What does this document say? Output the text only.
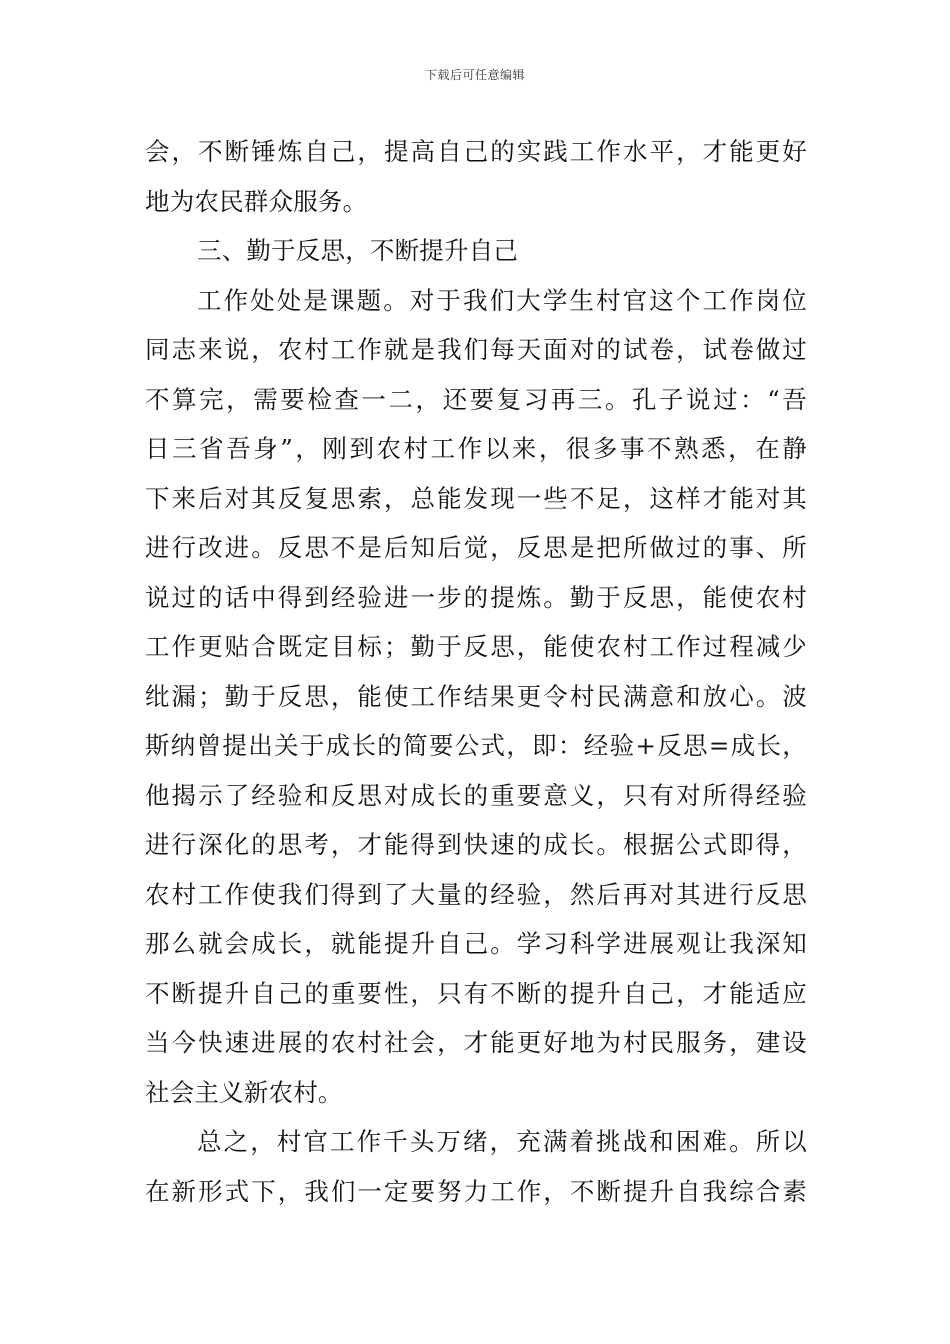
下载后可任意编辑
会，不断锤炼自己，提高自己的实践工作水平，才能更好
地为农民群众服务。
三、勤于反思，不断提升自己
工作处处是课题。对于我们大学生村官这个工作岗位
同志来说，农村工作就是我们每天面对的试卷，试卷做过
不算完，需要检查一二，还要复习再三。孔子说过：“吾
日三省吾身”，刚到农村工作以来，很多事不熟悉，在静
下来后对其反复思索，总能发现一些不足，这样才能对其
进行改进。反思不是后知后觉，反思是把所做过的事、所
说过的话中得到经验进一步的提炼。勤于反思，能使农村
工作更贴合既定目标；勤于反思，能使农村工作过程减少
纰漏；勤于反思，能使工作结果更令村民满意和放心。波
斯纳曾提出关于成长的简要公式，即：经验+反思=成长，
他揭示了经验和反思对成长的重要意义，只有对所得经验
进行深化的思考，才能得到快速的成长。根据公式即得，
农村工作使我们得到了大量的经验，然后再对其进行反思
那么就会成长，就能提升自己。学习科学进展观让我深知
不断提升自己的重要性，只有不断的提升自己，才能适应
当今快速进展的农村社会，才能更好地为村民服务，建设
社会主义新农村。
总之，村官工作千头万绪，充满着挑战和困难。所以
在新形式下，我们一定要努力工作，不断提升自我综合素
